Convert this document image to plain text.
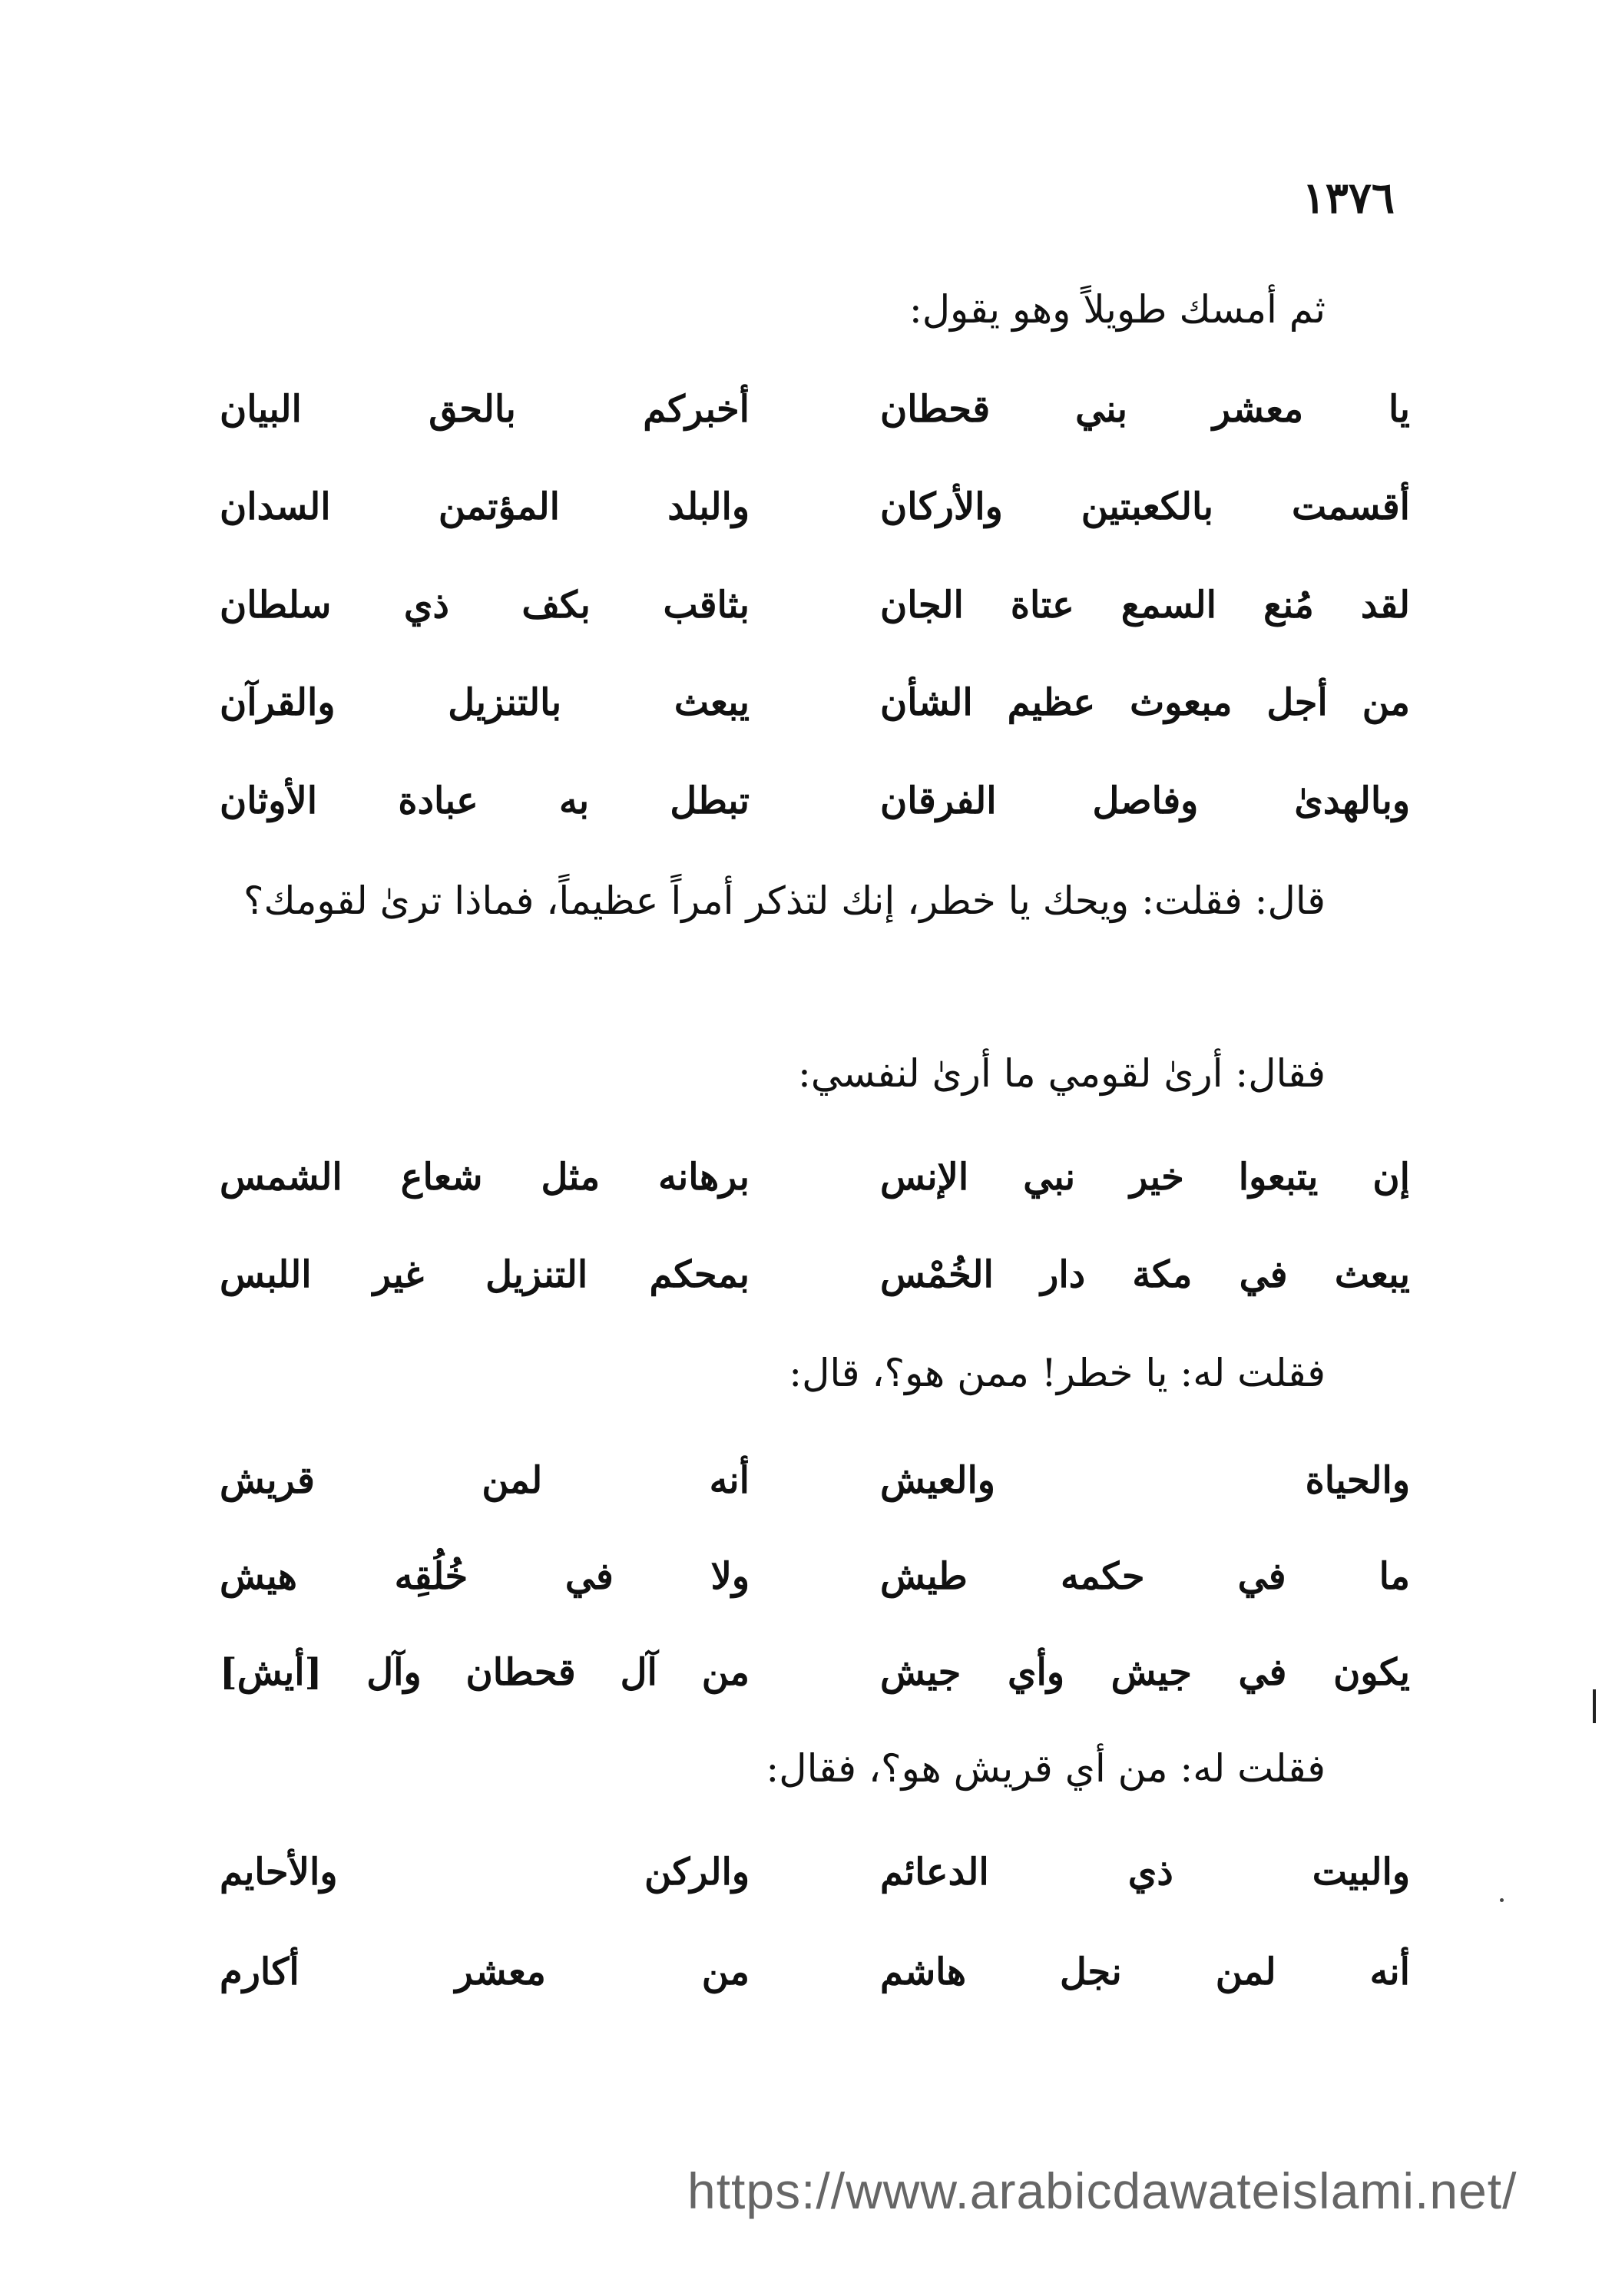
١٣٧٦
ثم أمسك طويلاً وهو يقول:
يا معشر بني قحطان
أخبركم بالحق البيان
أقسمت بالكعبتين والأركان
والبلد المؤتمن السدان
لقد مُنع السمع عتاة الجان
بثاقب بكف ذي سلطان
من أجل مبعوث عظيم الشأن
يبعث بالتنزيل والقرآن
وبالهدىٰ وفاصل الفرقان
تبطل به عبادة الأوثان
قال: فقلت: ويحك يا خطر، إنك لتذكر أمراً عظيماً، فماذا ترىٰ لقومك؟
فقال: أرىٰ لقومي ما أرىٰ لنفسي:
إن يتبعوا خير نبي الإنس
برهانه مثل شعاع الشمس
يبعث في مكة دار الخُمْس
بمحكم التنزيل غير اللبس
فقلت له: يا خطر! ممن هو؟، قال:
والحياة والعيش
أنه لمن قريش
ما في حكمه طيش
ولا في خُلُقِه هيش
يكون في جيش وأي جيش
من آل قحطان وآل [أيش]
فقلت له: من أي قريش هو؟، فقال:
والبيت ذي الدعائم
والركن والأحايم
أنه لمن نجل هاشم
من معشر أكارم
https://www.arabicdawateislami.net/
